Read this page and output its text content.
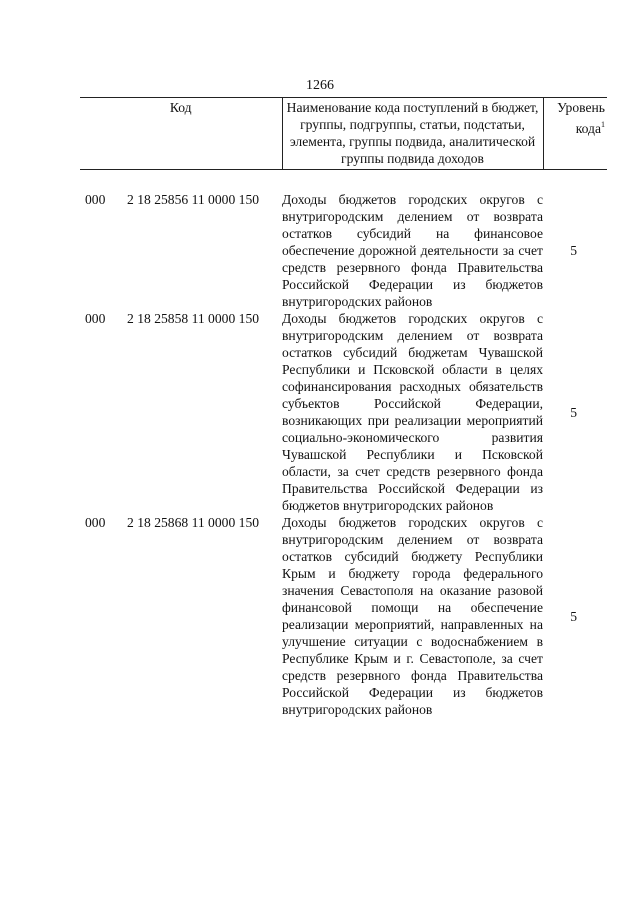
1266
Код	Наименование кода поступлений в бюджет, группы, подгруппы, статьи, подстатьи, элемента, группы подвида, аналитической группы подвида доходов	Уровень кода$^1$

000 2 18 25856 11 0000 150	Доходы бюджетов городских округов с внутригородским делением от возврата остатков субсидий на финансовое обеспечение дорожной деятельности за счет средств резервного фонда Правительства Российской Федерации из бюджетов внутригородских районов	5
000 2 18 25858 11 0000 150	Доходы бюджетов городских округов с внутригородским делением от возврата остатков субсидий бюджетам Чувашской Республики и Псковской области в целях софинансирования расходных обязательств субъектов Российской Федерации, возникающих при реализации мероприятий социально-экономического развития Чувашской Республики и Псковской области, за счет средств резервного фонда Правительства Российской Федерации из бюджетов внутригородских районов	5
000 2 18 25868 11 0000 150	Доходы бюджетов городских округов с внутригородским делением от возврата остатков субсидий бюджету Республики Крым и бюджету города федерального значения Севастополя на оказание разовой финансовой помощи на обеспечение реализации мероприятий, направленных на улучшение ситуации с водоснабжением в Республике Крым и г. Севастополе, за счет средств резервного фонда Правительства Российской Федерации из бюджетов внутригородских районов	5
